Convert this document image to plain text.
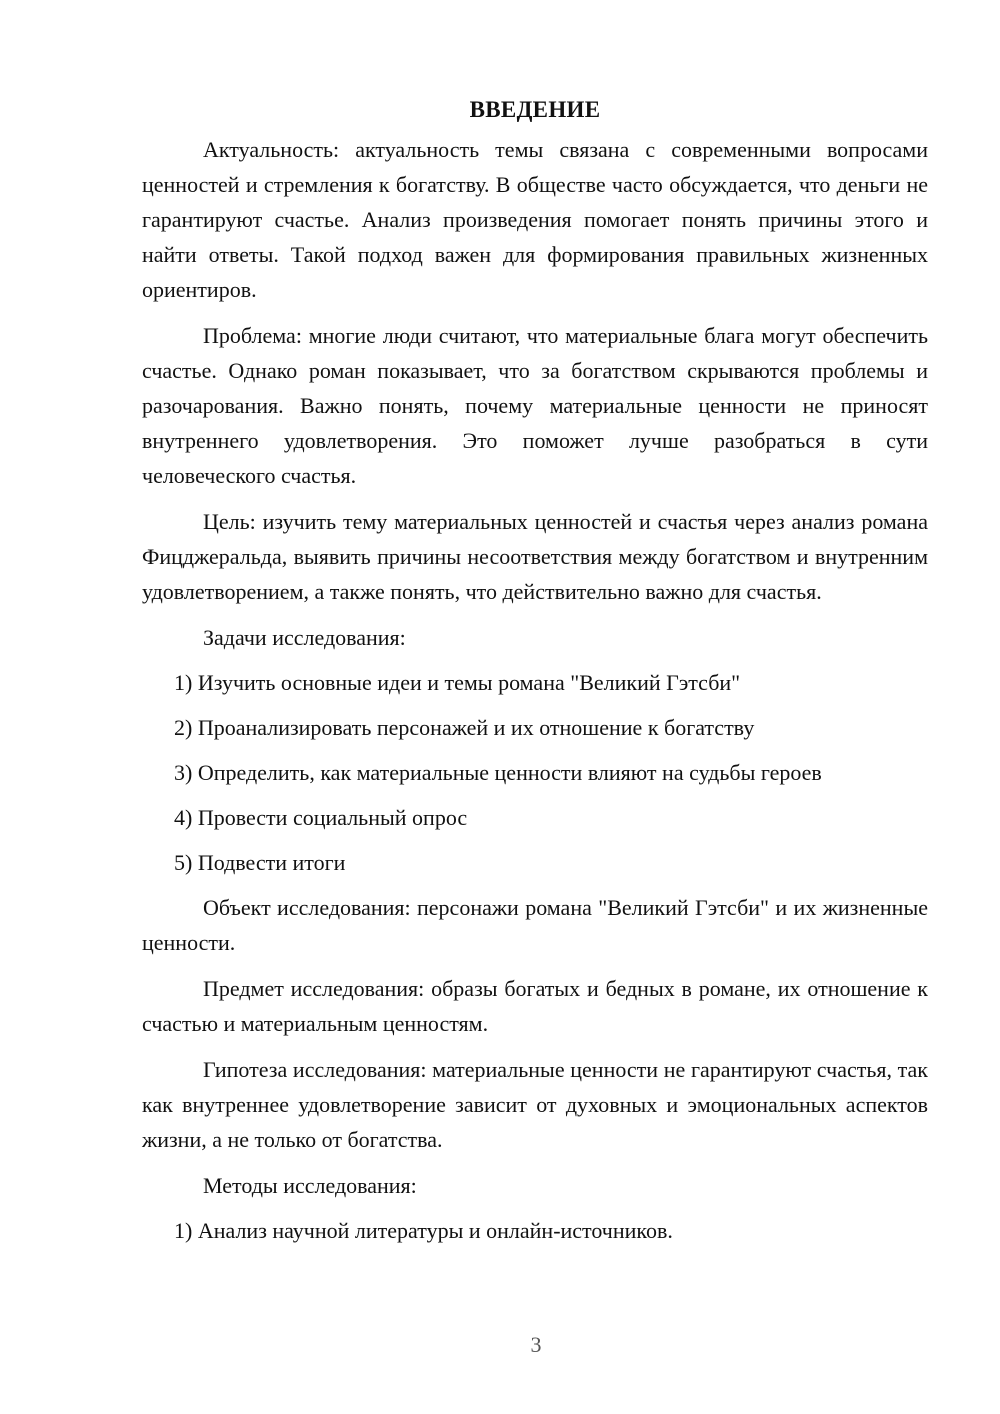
ВВЕДЕНИЕ

Актуальность: актуальность темы связана с современными вопросами ценностей и стремления к богатству. В обществе часто обсуждается, что деньги не гарантируют счастье. Анализ произведения помогает понять причины этого и найти ответы. Такой подход важен для формирования правильных жизненных ориентиров.

Проблема: многие люди считают, что материальные блага могут обеспечить счастье. Однако роман показывает, что за богатством скрываются проблемы и разочарования. Важно понять, почему материальные ценности не приносят внутреннего удовлетворения. Это поможет лучше разобраться в сути человеческого счастья.

Цель: изучить тему материальных ценностей и счастья через анализ романа Фицджеральда, выявить причины несоответствия между богатством и внутренним удовлетворением, а также понять, что действительно важно для счастья.

Задачи исследования:

1) Изучить основные идеи и темы романа "Великий Гэтсби"
2) Проанализировать персонажей и их отношение к богатству
3) Определить, как материальные ценности влияют на судьбы героев
4) Провести социальный опрос
5) Подвести итоги

Объект исследования: персонажи романа "Великий Гэтсби" и их жизненные ценности.

Предмет исследования: образы богатых и бедных в романе, их отношение к счастью и материальным ценностям.

Гипотеза исследования: материальные ценности не гарантируют счастья, так как внутреннее удовлетворение зависит от духовных и эмоциональных аспектов жизни, а не только от богатства.

Методы исследования:

1) Анализ научной литературы и онлайн-источников.
3
